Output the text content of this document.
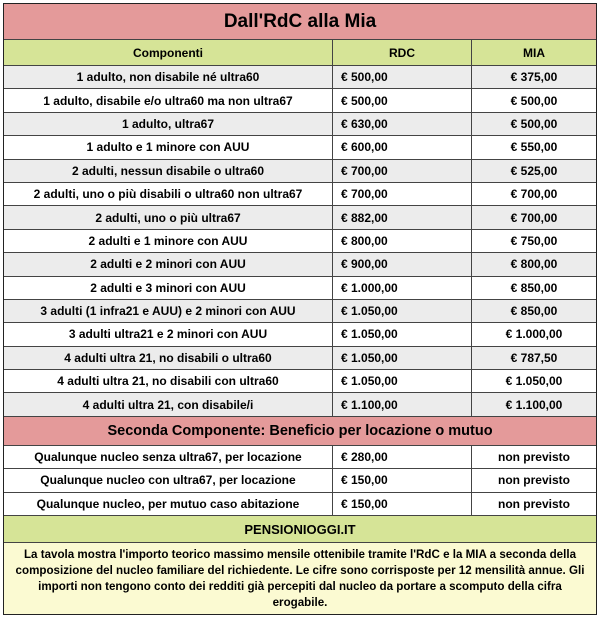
Dall'RdC alla Mia
Componenti	RDC	MIA
1 adulto, non disabile né ultra60	€ 500,00	€ 375,00
1 adulto, disabile e/o ultra60 ma non ultra67	€ 500,00	€ 500,00
1 adulto, ultra67	€ 630,00	€ 500,00
1 adulto e 1 minore con AUU	€ 600,00	€ 550,00
2 adulti, nessun disabile o ultra60	€ 700,00	€ 525,00
2 adulti, uno o più disabili o ultra60 non ultra67	€ 700,00	€ 700,00
2 adulti, uno o più ultra67	€ 882,00	€ 700,00
2 adulti e 1 minore con AUU	€ 800,00	€ 750,00
2 adulti e 2 minori con AUU	€ 900,00	€ 800,00
2 adulti e 3 minori con AUU	€ 1.000,00	€ 850,00
3 adulti (1 infra21 e AUU) e 2 minori con AUU	€ 1.050,00	€ 850,00
3 adulti ultra21 e 2 minori con AUU	€ 1.050,00	€ 1.000,00
4 adulti ultra 21, no disabili o ultra60	€ 1.050,00	€ 787,50
4 adulti ultra 21, no disabili con ultra60	€ 1.050,00	€ 1.050,00
4 adulti ultra 21, con disabile/i	€ 1.100,00	€ 1.100,00
Seconda Componente: Beneficio per locazione o mutuo
Qualunque nucleo senza ultra67, per locazione	€ 280,00	non previsto
Qualunque nucleo con ultra67, per locazione	€ 150,00	non previsto
Qualunque nucleo, per mutuo caso abitazione	€ 150,00	non previsto
PENSIONIOGGI.IT
La tavola mostra l'importo teorico massimo mensile ottenibile tramite l'RdC e la MIA a seconda della composizione del nucleo familiare del richiedente. Le cifre sono corrisposte per 12 mensilità annue. Gli importi non tengono conto dei redditi già percepiti dal nucleo da portare a scomputo della cifra erogabile.
